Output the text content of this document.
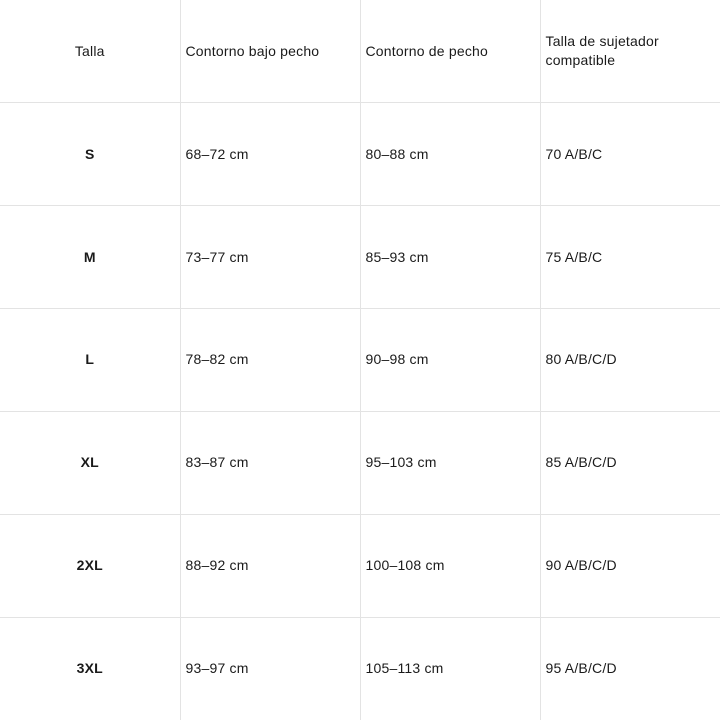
Talla	Contorno bajo pecho	Contorno de pecho	Talla de sujetador compatible
S	68–72 cm	80–88 cm	70 A/B/C
M	73–77 cm	85–93 cm	75 A/B/C
L	78–82 cm	90–98 cm	80 A/B/C/D
XL	83–87 cm	95–103 cm	85 A/B/C/D
2XL	88–92 cm	100–108 cm	90 A/B/C/D
3XL	93–97 cm	105–113 cm	95 A/B/C/D
